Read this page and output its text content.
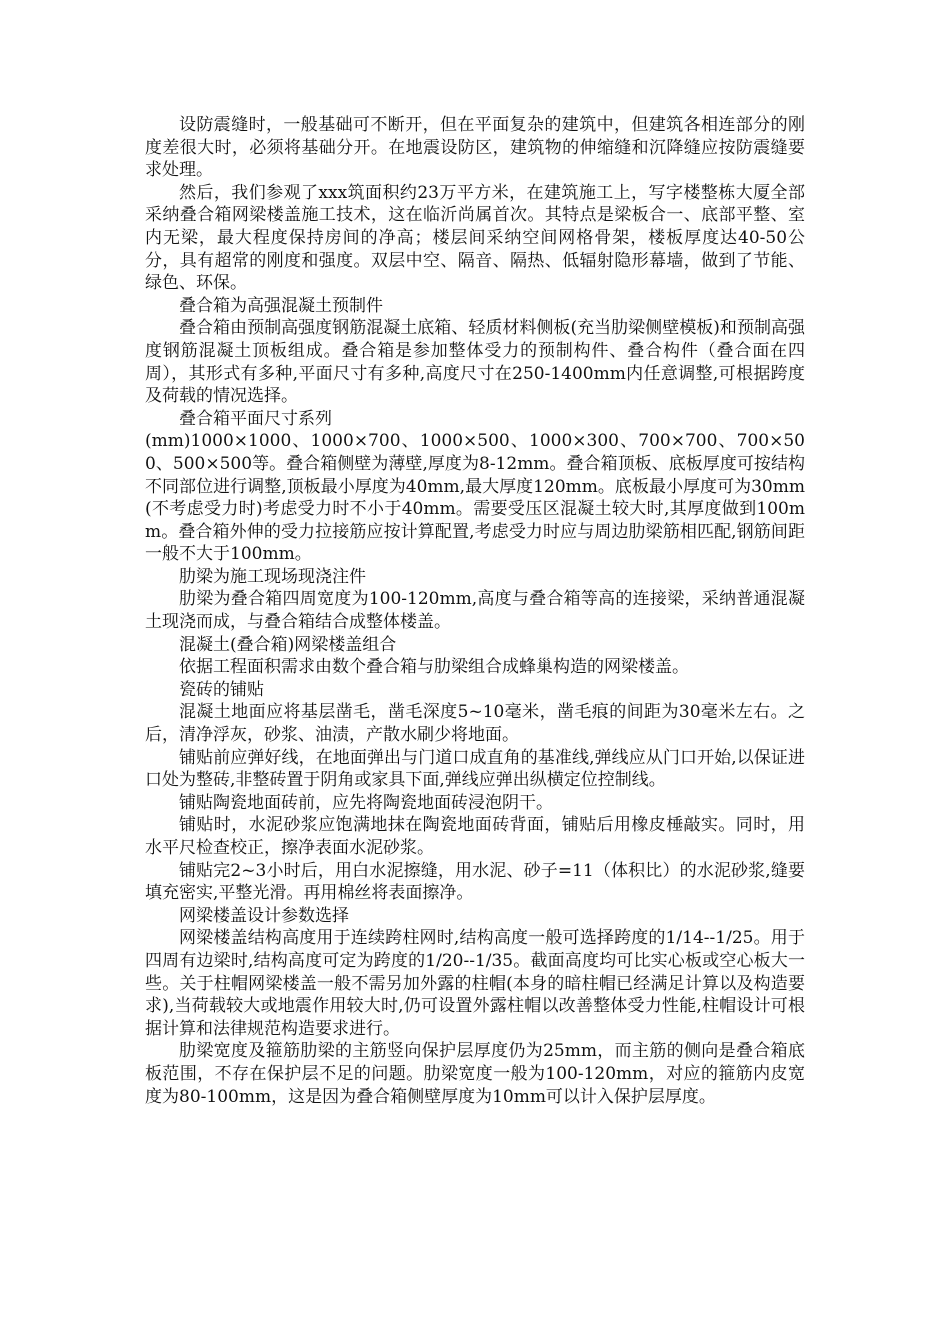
设防震缝时，一般基础可不断开，但在平面复杂的建筑中，但建筑各相连部分的刚度差很大时，必须将基础分开。在地震设防区，建筑物的伸缩缝和沉降缝应按防震缝要求处理。

然后，我们参观了xxx筑面积约23万平方米，在建筑施工上，写字楼整栋大厦全部采纳叠合箱网梁楼盖施工技术，这在临沂尚属首次。其特点是梁板合一、底部平整、室内无梁，最大程度保持房间的净高；楼层间采纳空间网格骨架，楼板厚度达40-50公分，具有超常的刚度和强度。双层中空、隔音、隔热、低辐射隐形幕墙，做到了节能、绿色、环保。

叠合箱为高强混凝土预制件

叠合箱由预制高强度钢筋混凝土底箱、轻质材料侧板(充当肋梁侧壁模板)和预制高强度钢筋混凝土顶板组成。叠合箱是参加整体受力的预制构件、叠合构件（叠合面在四周），其形式有多种,平面尺寸有多种,高度尺寸在250-1400mm内任意调整,可根据跨度及荷载的情况选择。

叠合箱平面尺寸系列

(mm)1000×1000、1000×700、1000×500、1000×300、700×700、700×500、500×500等。叠合箱侧壁为薄壁,厚度为8-12mm。叠合箱顶板、底板厚度可按结构不同部位进行调整,顶板最小厚度为40mm,最大厚度120mm。底板最小厚度可为30mm(不考虑受力时)考虑受力时不小于40mm。需要受压区混凝土较大时,其厚度做到100mm。叠合箱外伸的受力拉接筋应按计算配置,考虑受力时应与周边肋梁筋相匹配,钢筋间距一般不大于100mm。

肋梁为施工现场现浇注件

肋梁为叠合箱四周宽度为100-120mm,高度与叠合箱等高的连接梁，采纳普通混凝土现浇而成，与叠合箱结合成整体楼盖。

混凝土(叠合箱)网梁楼盖组合

依据工程面积需求由数个叠合箱与肋梁组合成蜂巢构造的网梁楼盖。

瓷砖的铺贴

混凝土地面应将基层凿毛，凿毛深度5~10毫米，凿毛痕的间距为30毫米左右。之后，清净浮灰，砂浆、油渍，产散水刷少将地面。

铺贴前应弹好线，在地面弹出与门道口成直角的基准线,弹线应从门口开始,以保证进口处为整砖,非整砖置于阴角或家具下面,弹线应弹出纵横定位控制线。

铺贴陶瓷地面砖前，应先将陶瓷地面砖浸泡阴干。

铺贴时，水泥砂浆应饱满地抹在陶瓷地面砖背面，铺贴后用橡皮棰敲实。同时，用水平尺检查校正，擦净表面水泥砂浆。

铺贴完2~3小时后，用白水泥擦缝，用水泥、砂子=11（体积比）的水泥砂浆,缝要填充密实,平整光滑。再用棉丝将表面擦净。

网梁楼盖设计参数选择

网梁楼盖结构高度用于连续跨柱网时,结构高度一般可选择跨度的1/14--1/25。用于四周有边梁时,结构高度可定为跨度的1/20--1/35。截面高度均可比实心板或空心板大一些。关于柱帽网梁楼盖一般不需另加外露的柱帽(本身的暗柱帽已经满足计算以及构造要求),当荷载较大或地震作用较大时,仍可设置外露柱帽以改善整体受力性能,柱帽设计可根据计算和法律规范构造要求进行。

肋梁宽度及箍筋肋梁的主筋竖向保护层厚度仍为25mm，而主筋的侧向是叠合箱底板范围，不存在保护层不足的问题。肋梁宽度一般为100-120mm，对应的箍筋内皮宽度为80-100mm，这是因为叠合箱侧壁厚度为10mm可以计入保护层厚度。
